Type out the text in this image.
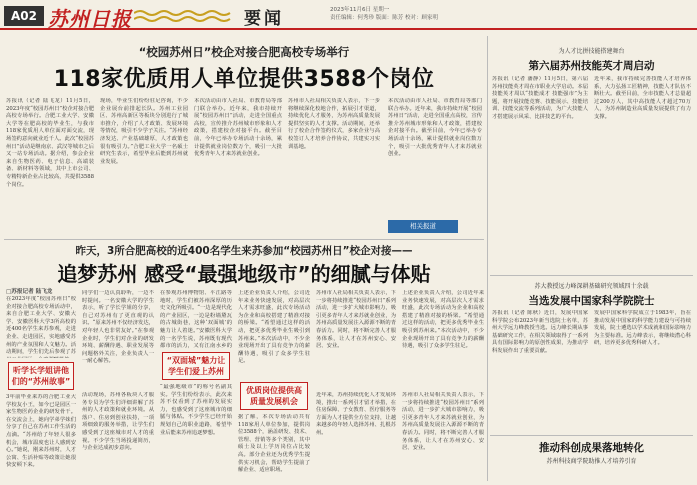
A02 苏州日报	要闻	2023年11月6日 星期一
责任编辑：何秀珍 版面：陈芳 校对：顾家明
“校园苏州日”校企对接合肥高校专场举行
118家优质用人单位提供3588个岗位
苏报讯（记者 陆飞龙）11月5日，2023年度“校园苏州日”校企对接合肥高校专场举行。合肥工业大学、安徽大学等在肥高校的毕业生，与我市118家优质用人单位面对面交流，现场签约意向就业近千人。此次“校园苏州日”活动是继南京、武汉等城市之后又一站专场活动。据介绍，参会企业来自生物医药、电子信息、高端装备、新材料等领域，其中上市公司、专精特新企业占比较高，共提供3588个岗位。
现场，毕业生们纷纷驻足咨询，不少企业展台前排起长队。苏州工业园区、苏州高新区等板块分别进行了城市推介，介绍了人才政策、发展环境等情况，吸引不少学子关注。“苏州经济发达、产业基础雄厚，人才政策也很有吸引力。”合肥工业大学一名硕士研究生表示，希望毕业后能到苏州就业发展。
本次活动由市人社局、市教育局等部门联合举办。近年来，我市持续开展“校园苏州日”活动，走进全国重点高校，宣传推介苏州城市形象和人才政策，搭建校企对接平台。截至目前，今年已举办专场活动十余场，累计提供就业岗位数万个，吸引一大批优秀青年人才来苏就业创业。
苏州市人社局相关负责人表示，下一步将继续深化校地合作，拓展引才渠道，持续优化人才服务，为苏州高质量发展提供坚实的人才支撑。活动期间，还举行了校企合作签约仪式，多家企业与高校签订人才培养合作协议，共建实习实训基地。
本次活动由市人社局、市教育局等部门联合举办。近年来，我市持续开展“校园苏州日”活动，走进全国重点高校，宣传推介苏州城市形象和人才政策，搭建校企对接平台。截至目前，今年已举办专场活动十余场，累计提供就业岗位数万个，吸引一大批优秀青年人才来苏就业创业。
相关报道
昨天，3所合肥高校的近400名学生来苏参加“校园苏州日”校企对接——
追梦苏州 感受“最强地级市”的细腻与体贴
□苏报记者 陆飞龙
在2023年度“校园苏州日”校企对接合肥高校专场活动中，来自合肥工业大学、安徽大学、安徽医科大学3所高校的近400名学生来苏参观，走进企业、走进园区，实地感受苏州的产业氛围和人文魅力。活动期间，学生们先后参观了苏
听学长学姐讲他们的“苏州故事”
3年前毕业来苏的合肥工业大学校友小王，如今已是园区一家生物医药企业的研发骨干。在交流会上，她向学弟学妹们分享了自己在苏州工作生活的点滴。“苏州给了年轻人很多机会，城市温度也让人感到安心。”她说，刚来苏州时，人才公寓、生活补贴等政策让她很快安顿下来。
同学们一边认真聆听，一边不时提问。一名安徽大学的学生表示，听了学长学姐的分享，自己对苏州有了更直观的认识。“原来苏州不仅经济发达，对年轻人也非常友好。”在参观企业时，学生们对企业的研发环境、薪酬待遇、职业发展等问题格外关注，企业负责人一一耐心解答。
活动现场，苏州各板块人才服务专员为学生们详细讲解了苏州的人才政策和就业环境。从落户、住房到创业扶持，一项项细致的服务举措，让学生们感受到了这座城市对人才的重视。不少学生当场投递简历，与企业达成初步意向。
在参观苏州博物馆、平江路等地时，学生们被苏州深厚的历史文化所吸引。“一边是现代化的产业园区，一边是粉墙黛瓦的古城街巷，这种‘双面城’的魅力让人着迷。”安徽医科大学的一名学生说，苏州既有现代都市的活力，又有江南水乡的
“双面城”魅力让学生们爱上苏州
“最强地级市”的称号名副其实。学生们纷纷表示，此次来苏不仅看到了苏州的发展实力，也感受到了这座城市的细腻与体贴。不少学生已经开始规划自己的职业道路，希望毕业后能来苏州追逐梦想。
上述企业负责人介绍，公司近年来业务快速发展，对高层次人才需求旺盛，此次专场活动为企业和高校搭建了精准对接的桥梁。“希望通过这样的活动，把更多优秀毕业生吸引到苏州来。”本次活动中，不少企业现场开出了具有竞争力的薪酬待遇，吸引了众多学生驻足。
优质岗位提供高质量发展机会
据了解，本次专场活动共有118家用人单位参加，提供岗位3588个，涵盖研发、技术、管理、营销等多个类别，其中硕士及以上学历岗位占比较高。部分企业还为优秀学生提供实习机会，帮助学生提前了解企业、适应职场。
苏州市人社局相关负责人表示，下一步将持续推进“校园苏州日”系列活动，进一步扩大城市影响力，吸引更多青年人才来苏就业创业，为苏州高质量发展注入源源不断的青春活力。同时，将不断完善人才服务体系，让人才在苏州安心、安居、安业。
近年来，苏州持续优化人才发展环境，推出一系列引才留才举措，在住房保障、子女教育、医疗服务等方面为人才提供全方位支持，让越来越多的年轻人选择苏州、扎根苏州。
上述企业负责人介绍，公司近年来业务快速发展，对高层次人才需求旺盛，此次专场活动为企业和高校搭建了精准对接的桥梁。“希望通过这样的活动，把更多优秀毕业生吸引到苏州来。”本次活动中，不少企业现场开出了具有竞争力的薪酬待遇，吸引了众多学生驻足。
苏州市人社局相关负责人表示，下一步将持续推进“校园苏州日”系列活动，进一步扩大城市影响力，吸引更多青年人才来苏就业创业，为苏州高质量发展注入源源不断的青春活力。同时，将不断完善人才服务体系，让人才在苏州安心、安居、安业。
为人才比拼技能搭建舞台
第六届苏州技能英才周启动
苏报讯（记者 潘静）11月5日，第六届苏州技能英才周在市职业大学启动。本届技能英才周以“技能成才 技能强市”为主题，将开展技能竞赛、技能展示、技能培训、技能交流等系列活动，为广大技能人才搭建展示风采、比拼技艺的平台。
近年来，我市持续完善技能人才培养体系，大力弘扬工匠精神，技能人才队伍不断壮大。截至目前，全市技能人才总量超过200万人，其中高技能人才超过70万人，为苏州制造业高质量发展提供了有力支撑。
苏大教授远力峰深耕基础研究领域四十余载
当选发展中国家科学院院士
苏报讯（记者 陈秋）近日，发展中国家科学院公布2023年新当选院士名单，苏州大学远力峰教授当选。远力峰长期从事基础研究工作，在相关领域取得了一系列具有国际影响力的原创性成果，为推动学科发展作出了重要贡献。
发展中国家科学院成立于1983年，旨在推动发展中国家的科学能力建设与可持续发展，院士遴选以学术成就和国际影响力为主要标准。远力峰表示，将继续潜心科研，培养更多优秀科研人才。
推动科创成果落地转化
苏州科技商学院助推人才培养引育
